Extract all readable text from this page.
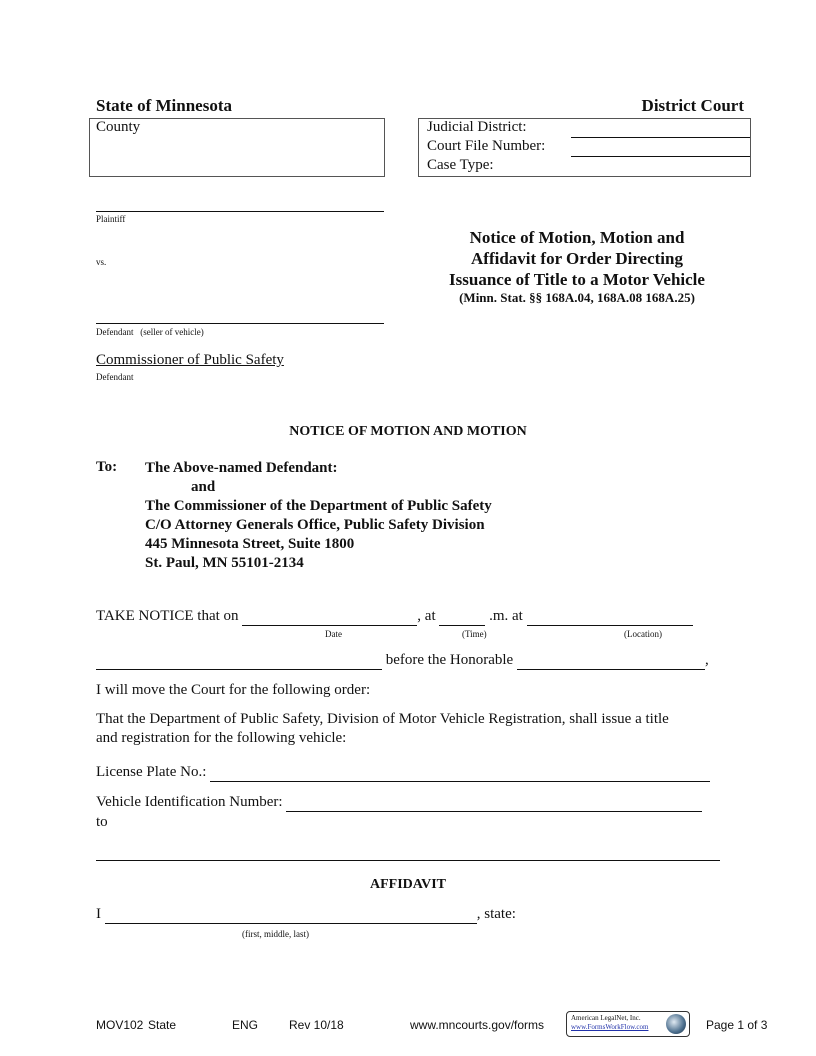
State of Minnesota	District Court
County	Judicial District:
Court File Number:
Case Type:
Plaintiff
vs.
Defendant (seller of vehicle)
Commissioner of Public Safety
Defendant
Notice of Motion, Motion and
Affidavit for Order Directing
Issuance of Title to a Motor Vehicle
(Minn. Stat. §§ 168A.04, 168A.08 168A.25)
NOTICE OF MOTION AND MOTION
To: The Above-named Defendant:
and
The Commissioner of the Department of Public Safety
C/O Attorney Generals Office, Public Safety Division
445 Minnesota Street, Suite 1800
St. Paul, MN 55101-2134
TAKE NOTICE that on	, at	.m. at
Date	(Time)	(Location)
before the Honorable	,
I will move the Court for the following order:
That the Department of Public Safety, Division of Motor Vehicle Registration, shall issue a title
and registration for the following vehicle:
License Plate No.:
Vehicle Identification Number:
to
AFFIDAVIT
I	, state:
(first, middle, last)
MOV102 State	ENG	Rev 10/18	www.mncourts.gov/forms	American LegalNet, Inc.
www.FormsWorkFlow.com	Page 1 of 3
